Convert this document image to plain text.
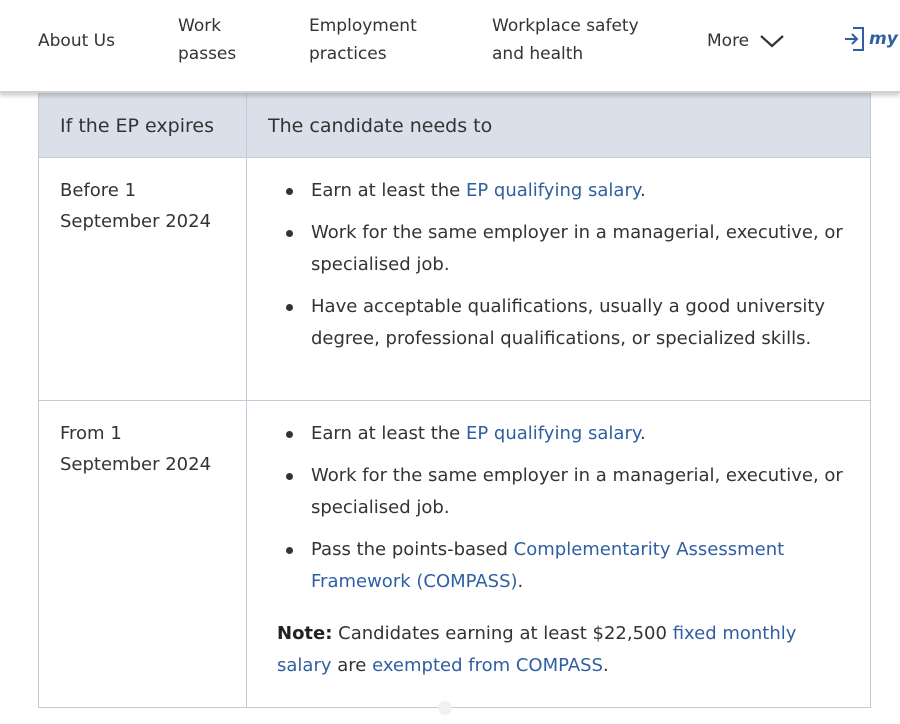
About Us
Work
passes
Employment
practices
Workplace safety
and health
More	my
If the EP expires	The candidate needs to
Before 1
September 2024
Earn at least the EP qualifying salary.
Work for the same employer in a managerial, executive, or specialised job.
Have acceptable qualifications, usually a good university degree, professional qualifications, or specialized skills.
From 1
September 2024
Earn at least the EP qualifying salary.
Work for the same employer in a managerial, executive, or specialised job.
Pass the points-based Complementarity Assessment Framework (COMPASS).

Note: Candidates earning at least $22,500 fixed monthly salary are exempted from COMPASS.
